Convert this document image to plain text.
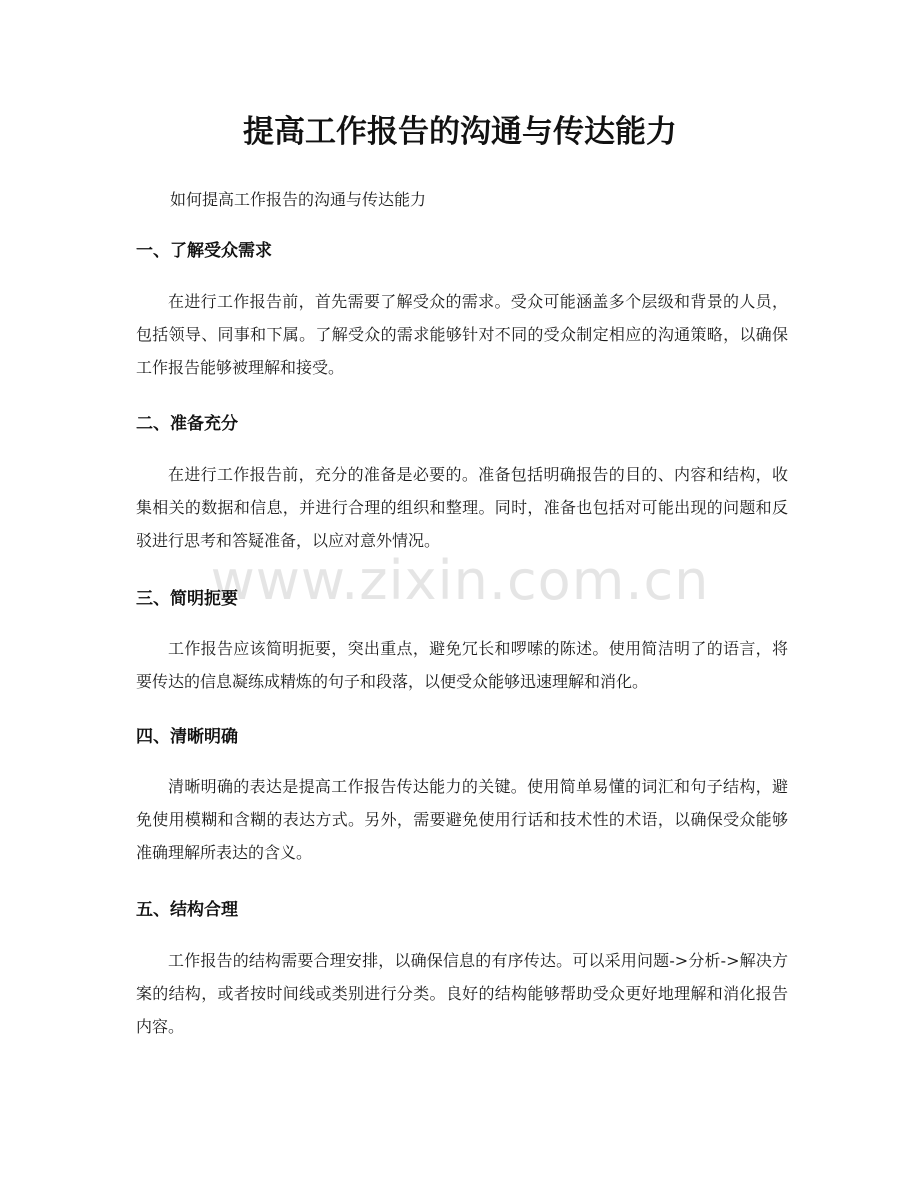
提高工作报告的沟通与传达能力

如何提高工作报告的沟通与传达能力

www.zixin.com.cn
一、了解受众需求

在进行工作报告前，首先需要了解受众的需求。受众可能涵盖多个层级和背景的人员，包括领导、同事和下属。了解受众的需求能够针对不同的受众制定相应的沟通策略，以确保工作报告能够被理解和接受。

二、准备充分

在进行工作报告前，充分的准备是必要的。准备包括明确报告的目的、内容和结构，收集相关的数据和信息，并进行合理的组织和整理。同时，准备也包括对可能出现的问题和反驳进行思考和答疑准备，以应对意外情况。

三、简明扼要

工作报告应该简明扼要，突出重点，避免冗长和啰嗦的陈述。使用简洁明了的语言，将要传达的信息凝练成精炼的句子和段落，以便受众能够迅速理解和消化。

四、清晰明确

清晰明确的表达是提高工作报告传达能力的关键。使用简单易懂的词汇和句子结构，避免使用模糊和含糊的表达方式。另外，需要避免使用行话和技术性的术语，以确保受众能够准确理解所表达的含义。

五、结构合理

工作报告的结构需要合理安排，以确保信息的有序传达。可以采用问题->分析->解决方案的结构，或者按时间线或类别进行分类。良好的结构能够帮助受众更好地理解和消化报告内容。
